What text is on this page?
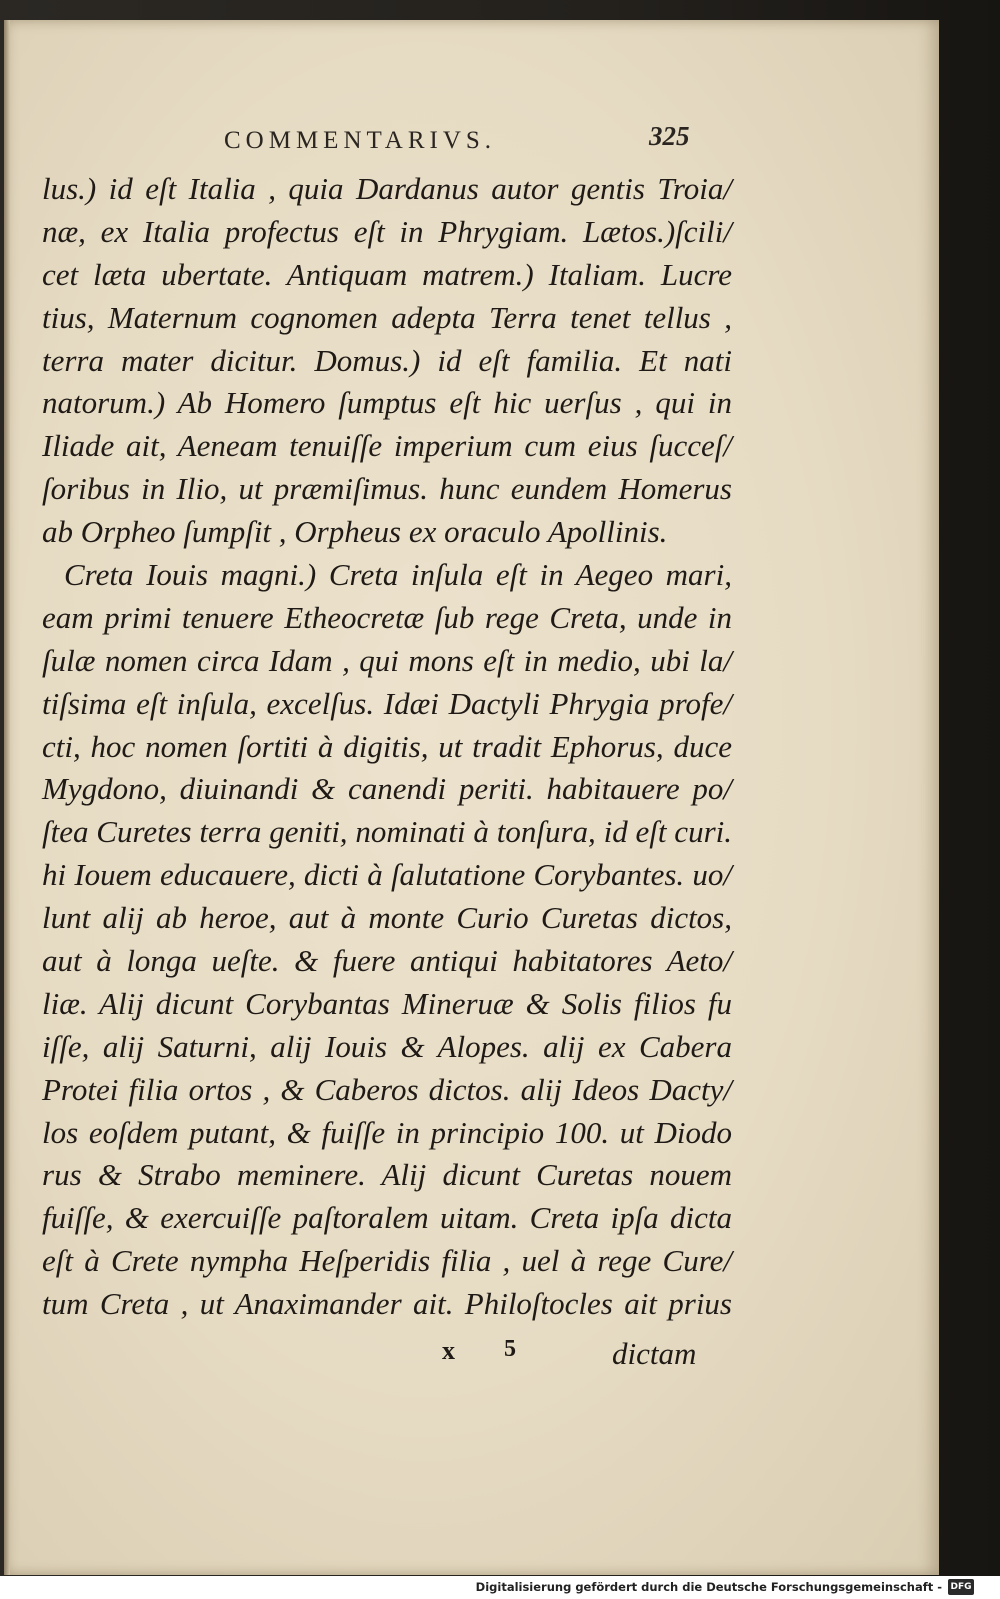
COMMENTARIVS.	325
lus.) id eſt Italia , quia Dardanus autor gentis Troia/
næ, ex Italia profectus eſt in Phrygiam. Lætos.)ſcili/
cet læta ubertate. Antiquam matrem.) Italiam. Lucre
tius, Maternum cognomen adepta Terra tenet tellus ,
terra mater dicitur. Domus.) id eſt familia. Et nati
natorum.) Ab Homero ſumptus eſt hic uerſus , qui in
Iliade ait, Aeneam tenuiſſe imperium cum eius ſucceſ/
ſoribus in Ilio, ut præmiſimus. hunc eundem Homerus
ab Orpheo ſumpſit , Orpheus ex oraculo Apollinis.
Creta Iouis magni.) Creta inſula eſt in Aegeo mari,
eam primi tenuere Etheocretæ ſub rege Creta, unde in
ſulæ nomen circa Idam , qui mons eſt in medio, ubi la/
tiſsima eſt inſula, excelſus. Idæi Dactyli Phrygia profe/
cti, hoc nomen ſortiti à digitis, ut tradit Ephorus, duce
Mygdono, diuinandi & canendi periti. habitauere po/
ſtea Curetes terra geniti, nominati à tonſura, id eſt curi.
hi Iouem educauere, dicti à ſalutatione Corybantes. uo/
lunt alij ab heroe, aut à monte Curio Curetas dictos,
aut à longa ueſte. & fuere antiqui habitatores Aeto/
liæ. Alij dicunt Corybantas Mineruæ & Solis filios fu
iſſe, alij Saturni, alij Iouis & Alopes. alij ex Cabera
Protei filia ortos , & Caberos dictos. alij Ideos Dacty/
los eoſdem putant, & fuiſſe in principio 100. ut Diodo
rus & Strabo meminere. Alij dicunt Curetas nouem
fuiſſe, & exercuiſſe paſtoralem uitam. Creta ipſa dicta
eſt à Crete nympha Heſperidis filia , uel à rege Cure/
tum Creta , ut Anaximander ait. Philoſtocles ait prius
x 5	dictam
Digitalisierung gefördert durch die Deutsche Forschungsgemeinschaft - DFG
